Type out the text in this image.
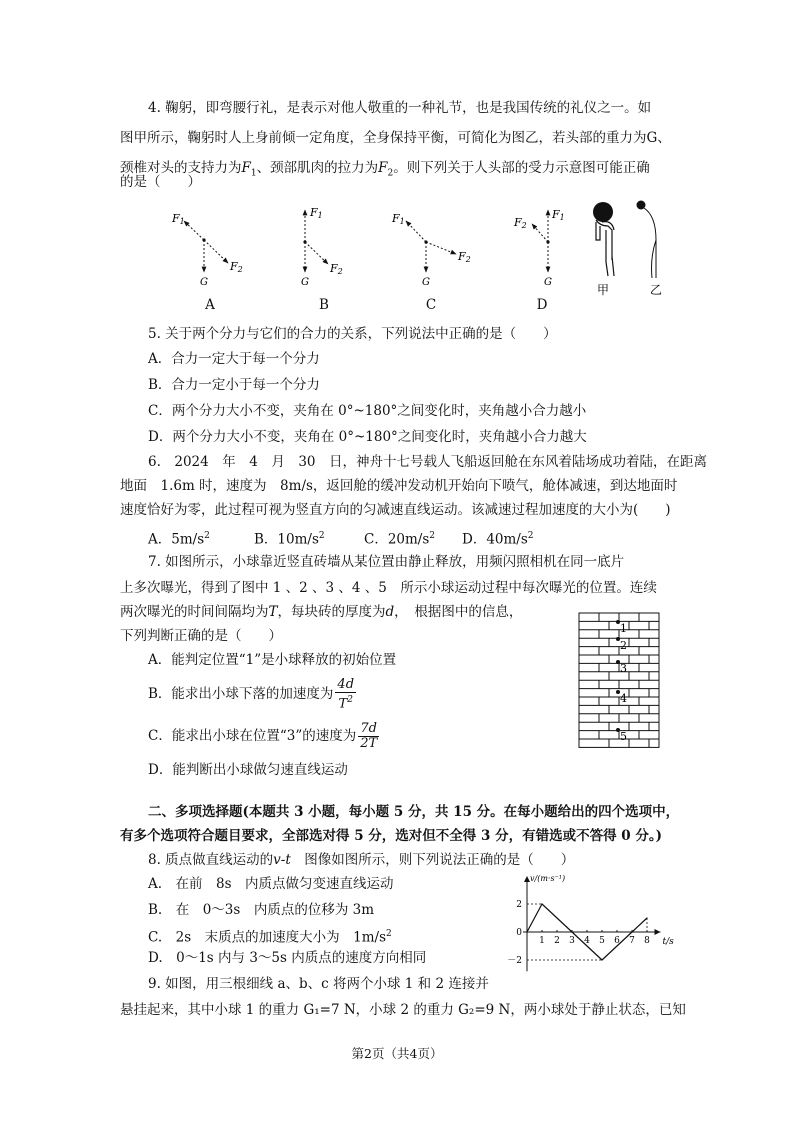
4. 鞠躬，即弯腰行礼，是表示对他人敬重的一种礼节，也是我国传统的礼仪之一。如
图甲所示，鞠躬时人上身前倾一定角度，全身保持平衡，可简化为图乙，若头部的重力为G、
颈椎对头的支持力为$F_1$、颈部肌肉的拉力为$F_2$。则下列关于人头部的受力示意图可能正确
的是（　　）
F1
F2
G
F1
F2
G
F1
F2
G
F2
F1
G
甲	乙
A	B	C	D
5. 关于两个分力与它们的合力的关系，下列说法中正确的是（　　）
A．合力一定大于每一个分力
B．合力一定小于每一个分力
C．两个分力大小不变，夹角在 0°~180°之间变化时，夹角越小合力越小
D．两个分力大小不变，夹角在 0°~180°之间变化时，夹角越小合力越大
6.　2024　年　4　月　30　日，神舟十七号载人飞船返回舱在东风着陆场成功着陆，在距离
地面　1.6m 时，速度为　8m/s，返回舱的缓冲发动机开始向下喷气，舱体减速，到达地面时
速度恰好为零，此过程可视为竖直方向的匀减速直线运动。该减速过程加速度的大小为(　　)
A．$5m/s^2$	B．$10m/s^2$	C．$20m/s^2$ D．$40m/s^2$
7. 如图所示，小球靠近竖直砖墙从某位置由静止释放，用频闪照相机在同一底片
上多次曝光，得到了图中 1 、2 、3 、4 、5　所示小球运动过程中每次曝光的位置。连续
两次曝光的时间间隔均为T，每块砖的厚度为d，　根据图中的信息，
下列判断正确的是（　　）
A．能判定位置“1”是小球释放的初始位置
B．能求出小球下落的加速度为 $\frac{4d}{T^2}$
C．能求出小球在位置“3”的速度为 $\frac{7d}{2T}$
D．能判断出小球做匀速直线运动
1
2
3
4
5
二、多项选择题(本题共 3 小题，每小题 5 分，共 15 分。在每小题给出的四个选项中，
有多个选项符合题目要求，全部选对得 5 分，选对但不全得 3 分，有错选或不答得 0 分。)
8. 质点做直线运动的v-t　图像如图所示，则下列说法正确的是（　　）
A.　在前　8s　内质点做匀变速直线运动
B.　在　0～3s　内质点的位移为 3m
C.　2s　末质点的加速度大小为　$1m/s^2$
D.　0～1s 内与 3～5s 内质点的速度方向相同
v/(m·s⁻¹)
t/s
1 2 3 4 5 6 7 8
2
0
－2
9. 如图，用三根细线 a、b、c 将两个小球 1 和 2 连接并
悬挂起来，其中小球 1 的重力 G₁=7 N，小球 2 的重力 G₂=9 N，两小球处于静止状态，已知
第2页（共4页）
